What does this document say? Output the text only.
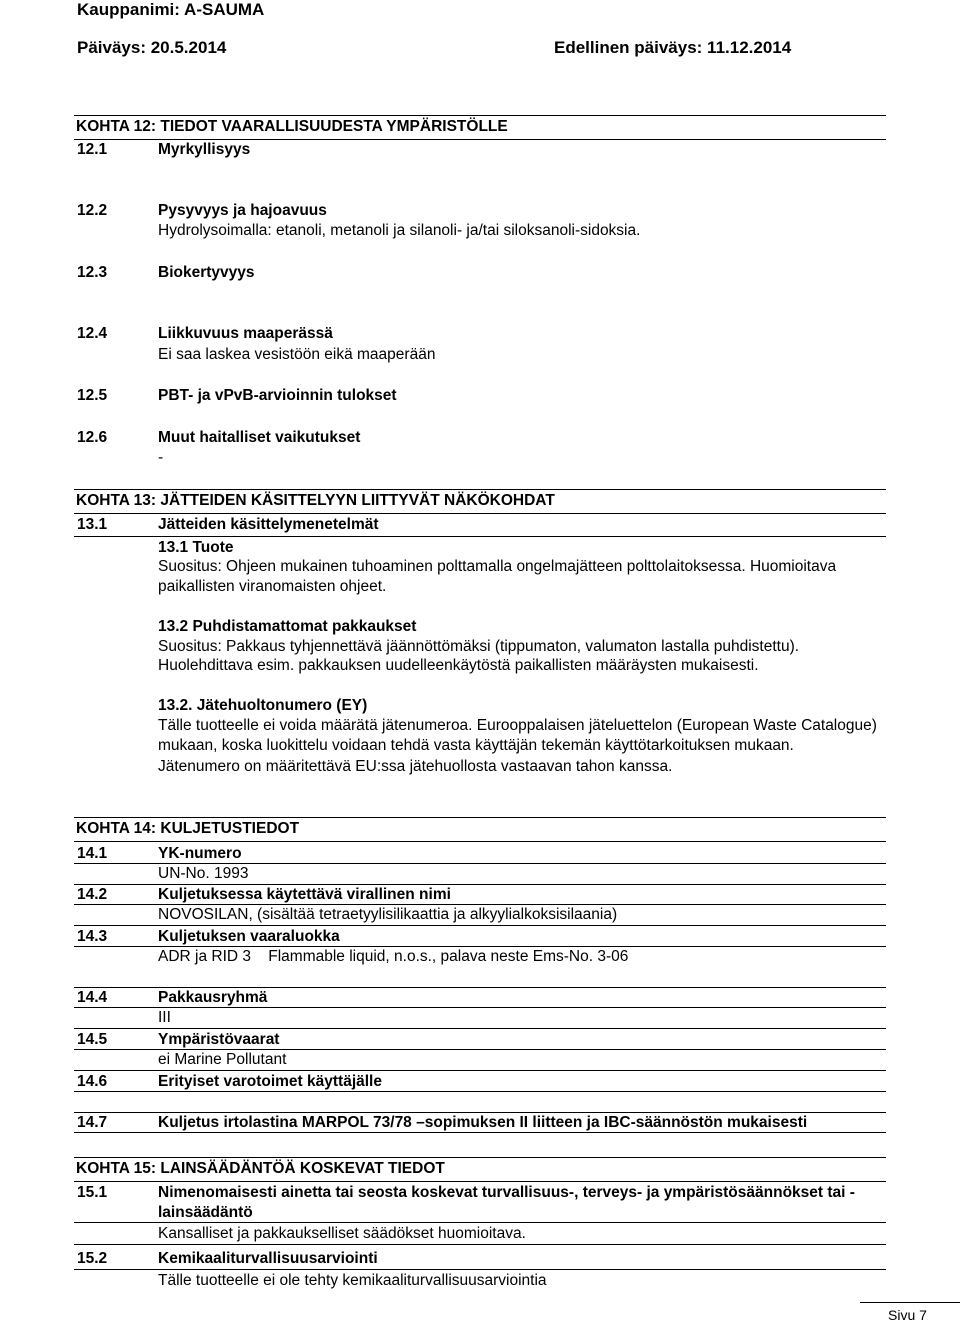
Kauppanimi: A-SAUMA
Päiväys: 20.5.2014	Edellinen päiväys: 11.12.2014
KOHTA 12: TIEDOT VAARALLISUUDESTA YMPÄRISTÖLLE
12.1	Myrkyllisyys
12.2	Pysyvyys ja hajoavuus
Hydrolysoimalla: etanoli, metanoli ja silanoli- ja/tai siloksanoli-sidoksia.
12.3	Biokertyvyys
12.4	Liikkuvuus maaperässä
Ei saa laskea vesistöön eikä maaperään
12.5	PBT- ja vPvB-arvioinnin tulokset
12.6	Muut haitalliset vaikutukset
-
KOHTA 13: JÄTTEIDEN KÄSITTELYYN LIITTYVÄT NÄKÖKOHDAT
13.1	Jätteiden käsittelymenetelmät
13.1 Tuote
Suositus: Ohjeen mukainen tuhoaminen polttamalla ongelmajätteen polttolaitoksessa. Huomioitava
paikallisten viranomaisten ohjeet.
13.2 Puhdistamattomat pakkaukset
Suositus: Pakkaus tyhjennettävä jäännöttömäksi (tippumaton, valumaton lastalla puhdistettu).
Huolehdittava esim. pakkauksen uudelleenkäytöstä paikallisten määräysten mukaisesti.
13.2. Jätehuoltonumero (EY)
Tälle tuotteelle ei voida määrätä jätenumeroa. Eurooppalaisen jäteluettelon (European Waste Catalogue)
mukaan, koska luokittelu voidaan tehdä vasta käyttäjän tekemän käyttötarkoituksen mukaan.
Jätenumero on määritettävä EU:ssa jätehuollosta vastaavan tahon kanssa.
KOHTA 14: KULJETUSTIEDOT
14.1	YK-numero
UN-No. 1993
14.2	Kuljetuksessa käytettävä virallinen nimi
NOVOSILAN, (sisältää tetraetyylisilikaattia ja alkyylialkoksisilaania)
14.3	Kuljetuksen vaaraluokka
ADR ja RID 3    Flammable liquid, n.o.s., palava neste Ems-No. 3-06
14.4	Pakkausryhmä
III
14.5	Ympäristövaarat
ei Marine Pollutant
14.6	Erityiset varotoimet käyttäjälle
14.7	Kuljetus irtolastina MARPOL 73/78 –sopimuksen II liitteen ja IBC-säännöstön mukaisesti
KOHTA 15: LAINSÄÄDÄNTÖÄ KOSKEVAT TIEDOT
15.1	Nimenomaisesti ainetta tai seosta koskevat turvallisuus-, terveys- ja ympäristösäännökset tai -
lainsäädäntö
Kansalliset ja pakkaukselliset säädökset huomioitava.
15.2	Kemikaaliturvallisuusarviointi
Tälle tuotteelle ei ole tehty kemikaaliturvallisuusarviointia
Sivu 7
